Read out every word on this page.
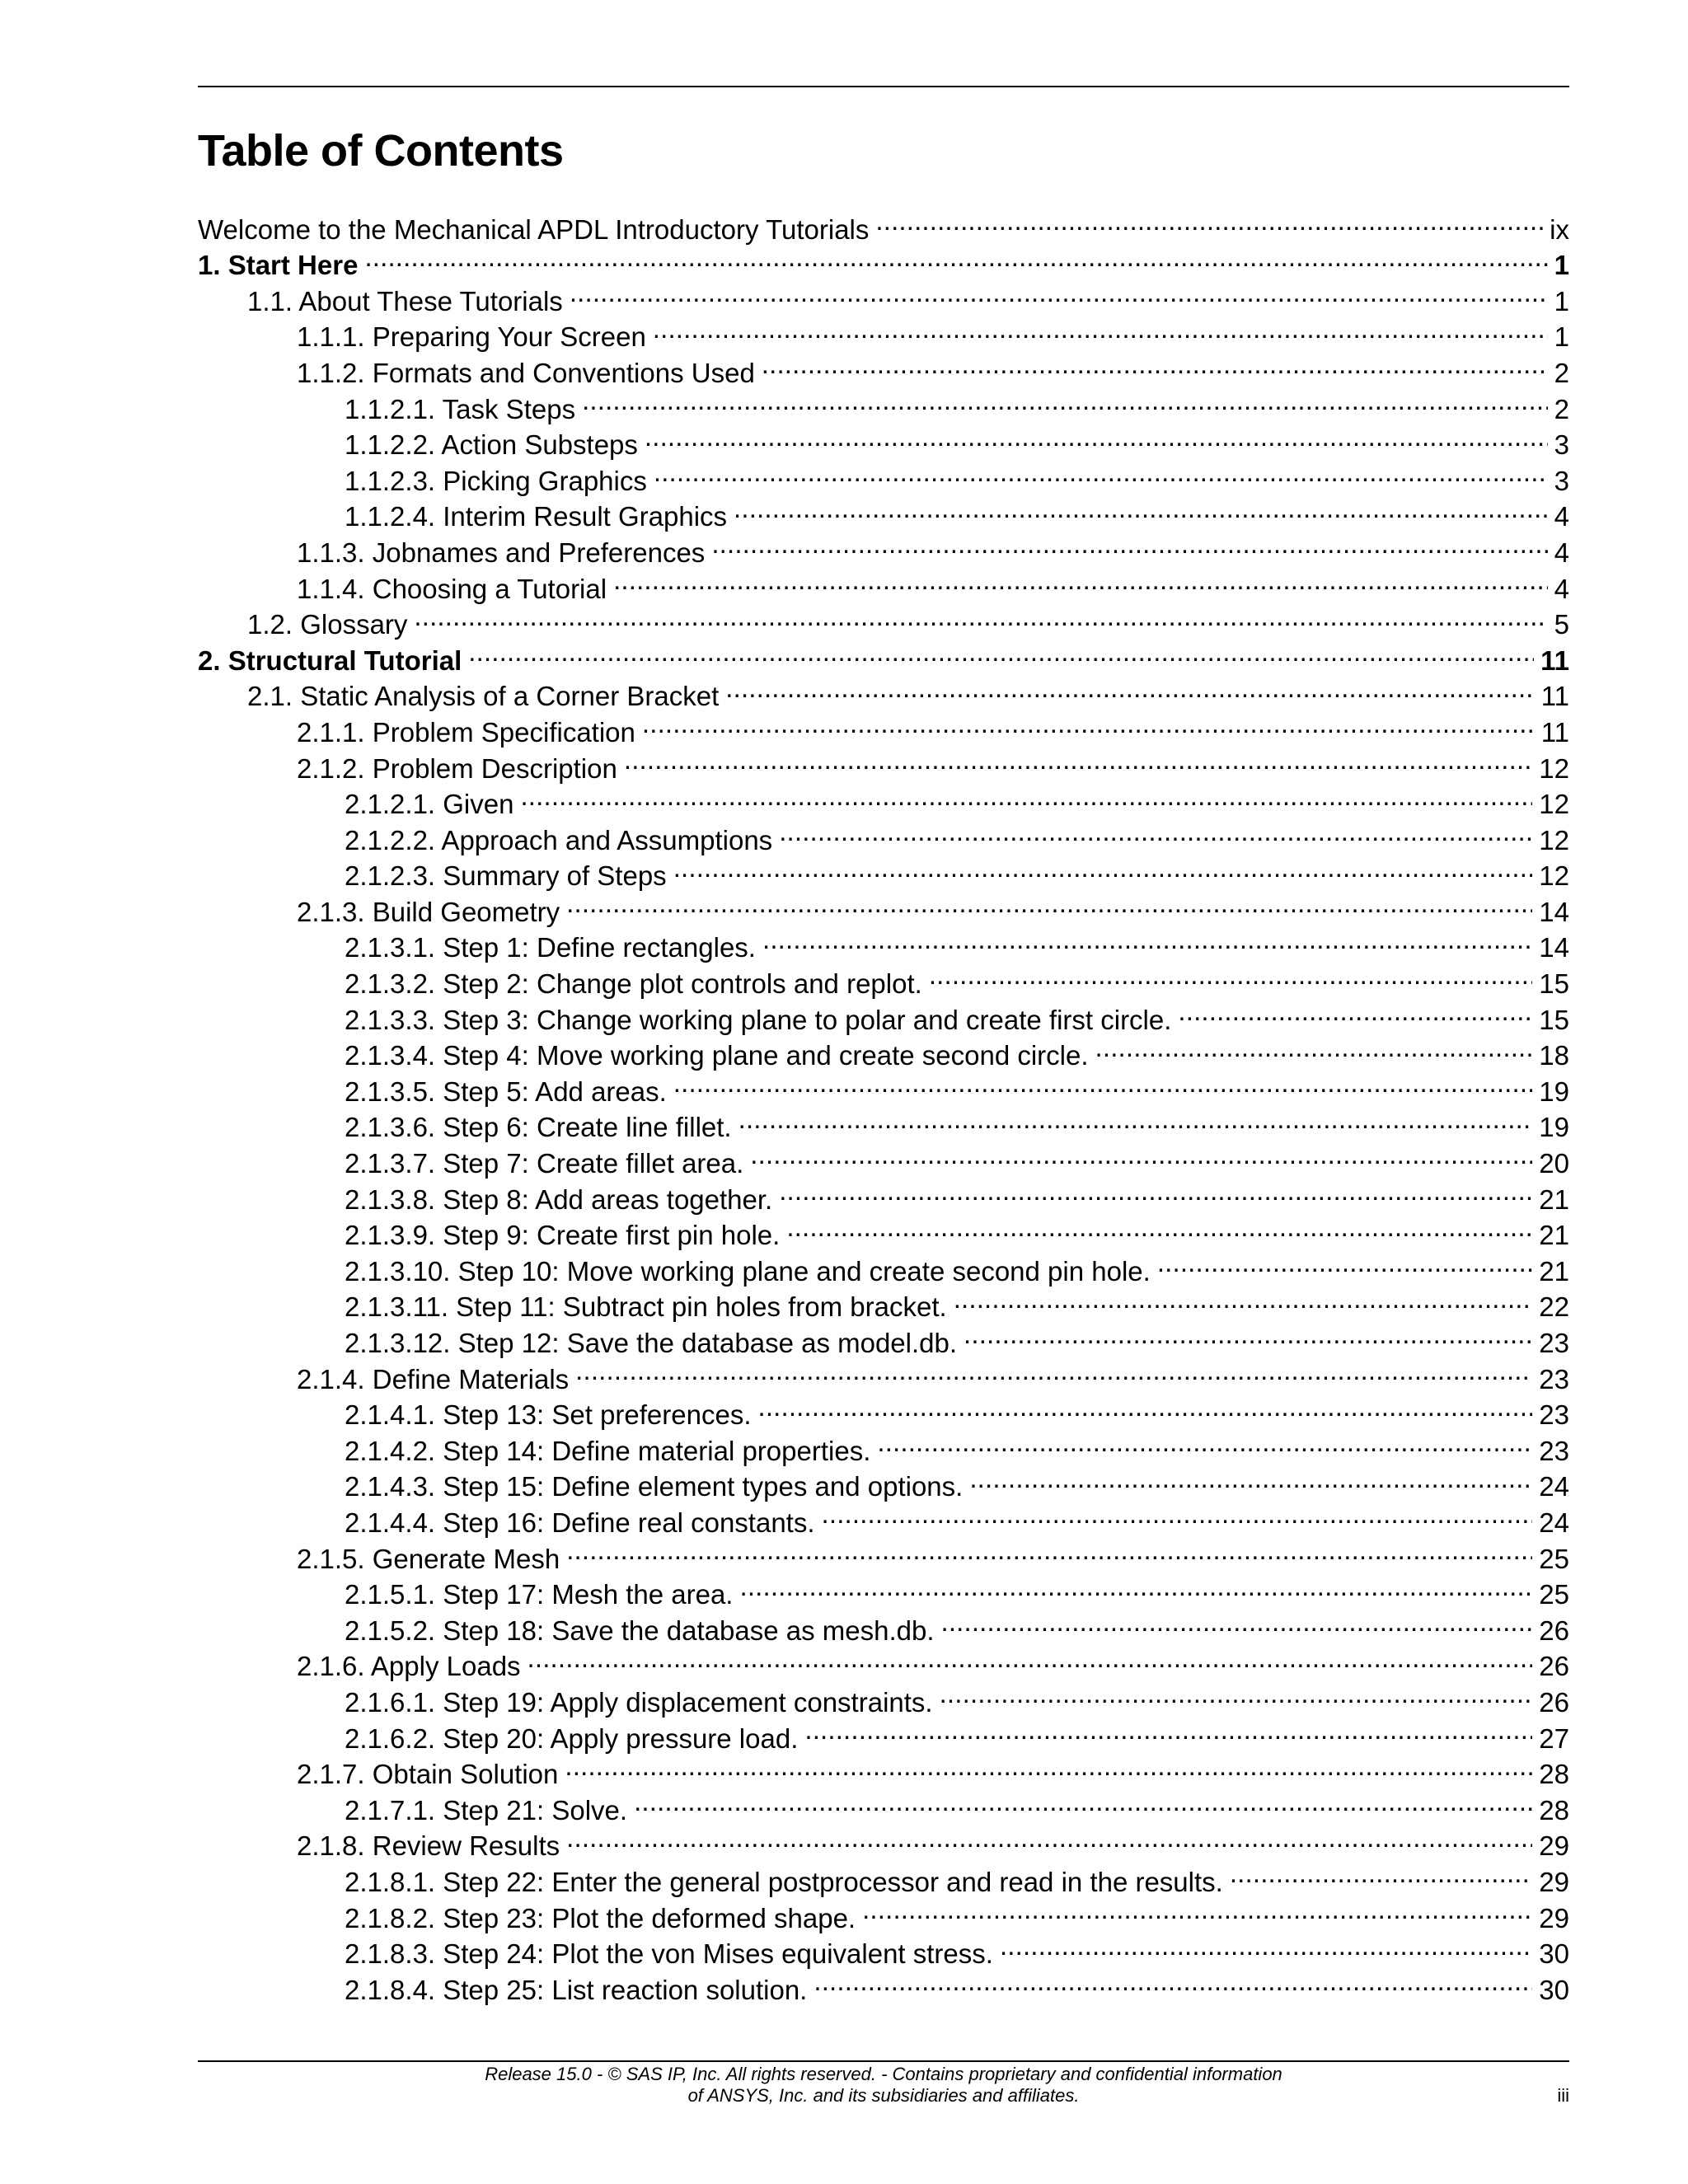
Table of Contents
Welcome to the Mechanical APDL Introductory Tutorials . . .	ix
1. Start Here . . .	1
1.1. About These Tutorials . . .	1
1.1.1. Preparing Your Screen . . .	1
1.1.2. Formats and Conventions Used . . .	2
1.1.2.1. Task Steps . . .	2
1.1.2.2. Action Substeps . . .	3
1.1.2.3. Picking Graphics . . .	3
1.1.2.4. Interim Result Graphics . . .	4
1.1.3. Jobnames and Preferences . . .	4
1.1.4. Choosing a Tutorial . . .	4
1.2. Glossary . . .	5
2. Structural Tutorial . . .	11
2.1. Static Analysis of a Corner Bracket . . .	11
2.1.1. Problem Specification . . .	11
2.1.2. Problem Description . . .	12
2.1.2.1. Given . . .	12
2.1.2.2. Approach and Assumptions . . .	12
2.1.2.3. Summary of Steps . . .	12
2.1.3. Build Geometry . . .	14
2.1.3.1. Step 1: Define rectangles. . . .	14
2.1.3.2. Step 2: Change plot controls and replot. . . .	15
2.1.3.3. Step 3: Change working plane to polar and create first circle. . . .	15
2.1.3.4. Step 4: Move working plane and create second circle. . . .	18
2.1.3.5. Step 5: Add areas. . . .	19
2.1.3.6. Step 6: Create line fillet. . . .	19
2.1.3.7. Step 7: Create fillet area. . . .	20
2.1.3.8. Step 8: Add areas together. . . .	21
2.1.3.9. Step 9: Create first pin hole. . . .	21
2.1.3.10. Step 10: Move working plane and create second pin hole. . . .	21
2.1.3.11. Step 11: Subtract pin holes from bracket. . . .	22
2.1.3.12. Step 12: Save the database as model.db. . . .	23
2.1.4. Define Materials . . .	23
2.1.4.1. Step 13: Set preferences. . . .	23
2.1.4.2. Step 14: Define material properties. . . .	23
2.1.4.3. Step 15: Define element types and options. . . .	24
2.1.4.4. Step 16: Define real constants. . . .	24
2.1.5. Generate Mesh . . .	25
2.1.5.1. Step 17: Mesh the area. . . .	25
2.1.5.2. Step 18: Save the database as mesh.db. . . .	26
2.1.6. Apply Loads . . .	26
2.1.6.1. Step 19: Apply displacement constraints. . . .	26
2.1.6.2. Step 20: Apply pressure load. . . .	27
2.1.7. Obtain Solution . . .	28
2.1.7.1. Step 21: Solve. . . .	28
2.1.8. Review Results . . .	29
2.1.8.1. Step 22: Enter the general postprocessor and read in the results. . . .	29
2.1.8.2. Step 23: Plot the deformed shape. . . .	29
2.1.8.3. Step 24: Plot the von Mises equivalent stress. . . .	30
2.1.8.4. Step 25: List reaction solution. . . .	30
Release 15.0 - © SAS IP, Inc. All rights reserved. - Contains proprietary and confidential information
of ANSYS, Inc. and its subsidiaries and affiliates.	iii
